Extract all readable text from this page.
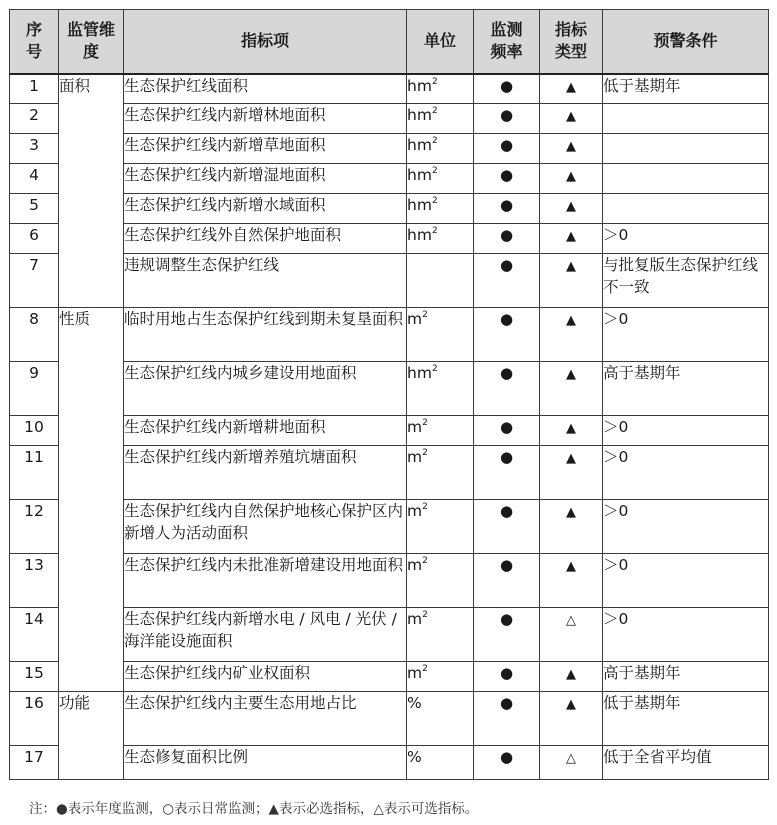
序号	监管维度	指标项	单位	监测频率	指标类型	预警条件
1	面积	生态保护红线面积	$hm^2$	●	▲	低于基期年
2		生态保护红线内新增林地面积	$hm^2$	●	▲	
3		生态保护红线内新增草地面积	$hm^2$	●	▲	
4		生态保护红线内新增湿地面积	$hm^2$	●	▲	
5		生态保护红线内新增水域面积	$hm^2$	●	▲	
6		生态保护红线外自然保护地面积	$hm^2$	●	▲	＞0
7		违规调整生态保护红线		●	▲	与批复版生态保护红线不一致
8	性质	临时用地占生态保护红线到期未复垦面积	$m^2$	●	▲	＞0
9		生态保护红线内城乡建设用地面积	$hm^2$	●	▲	高于基期年
10		生态保护红线内新增耕地面积	$m^2$	●	▲	＞0
11		生态保护红线内新增养殖坑塘面积	$m^2$	●	▲	＞0
12		生态保护红线内自然保护地核心保护区内新增人为活动面积	$m^2$	●	▲	＞0
13		生态保护红线内未批准新增建设用地面积	$m^2$	●	▲	＞0
14		生态保护红线内新增水电 / 风电 / 光伏 / 海洋能设施面积	$m^2$	●	△	＞0
15		生态保护红线内矿业权面积	$m^2$	●	▲	高于基期年
16	功能	生态保护红线内主要生态用地占比	%	●	▲	低于基期年
17		生态修复面积比例	%	●	△	低于全省平均值
注：●表示年度监测，○表示日常监测；▲表示必选指标，△表示可选指标。
